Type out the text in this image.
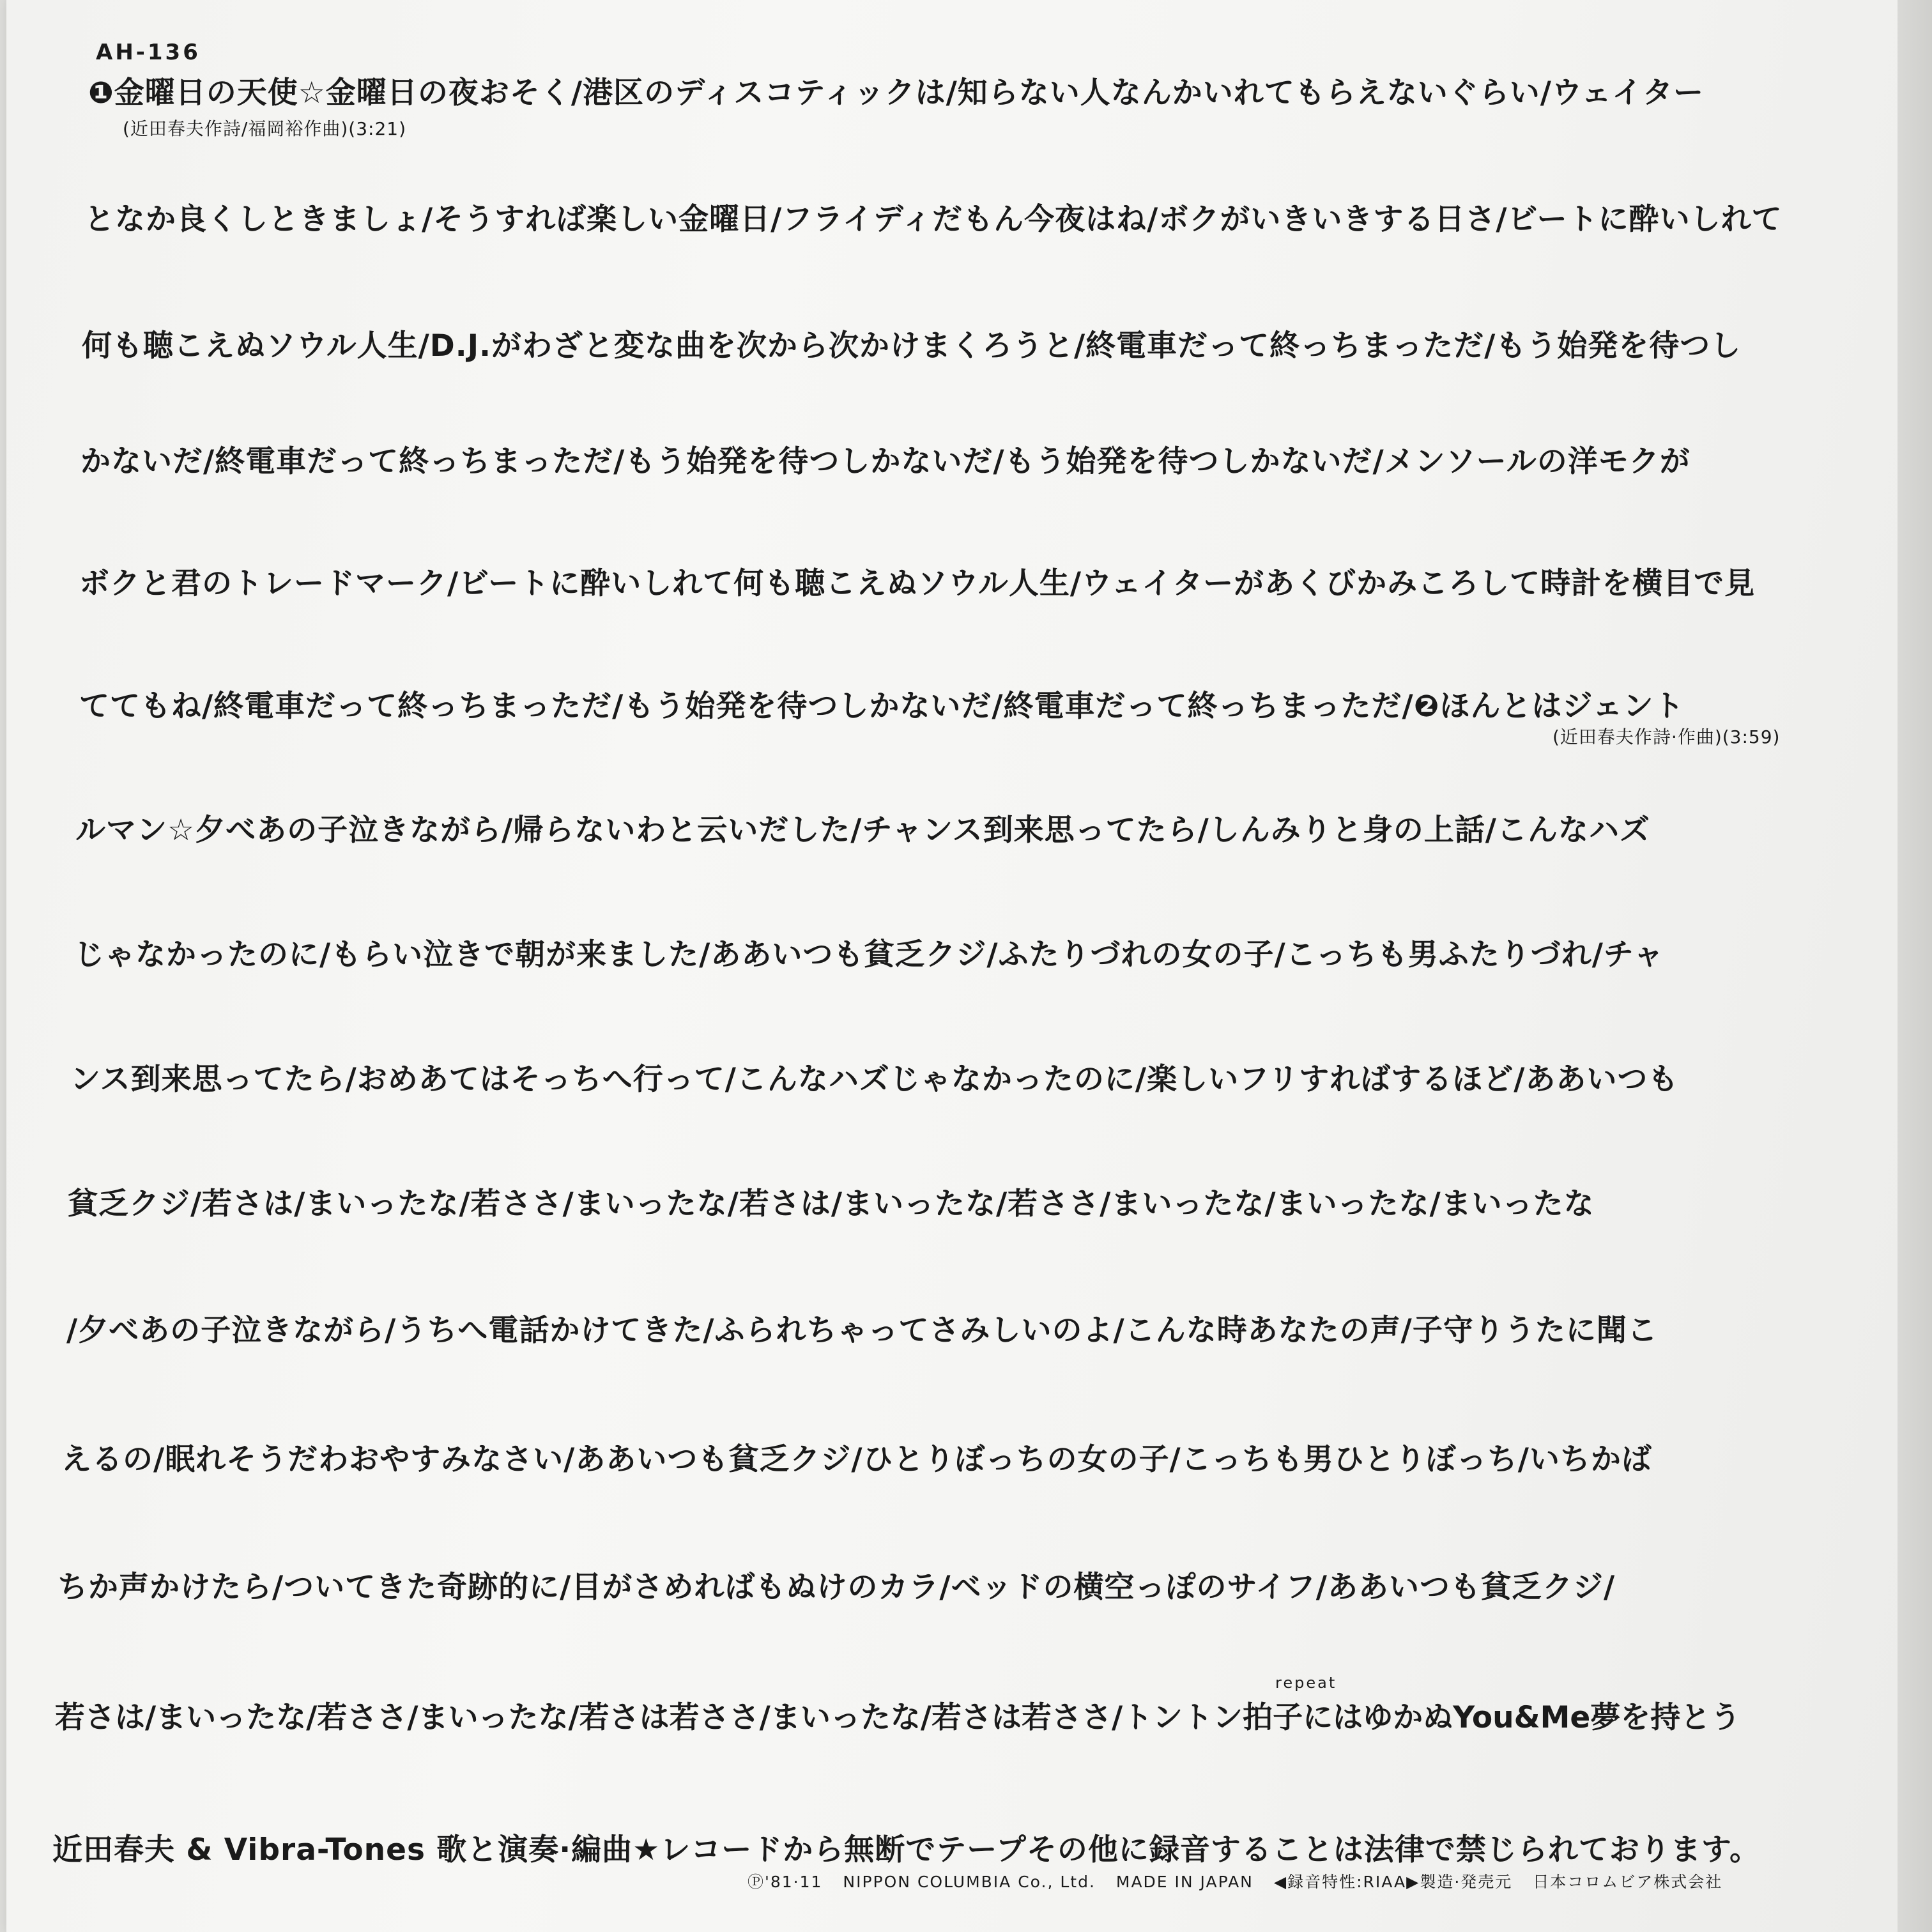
AH-136
❶金曜日の天使☆金曜日の夜おそく/港区のディスコティックは/知らない人なんかいれてもらえないぐらい/ウェイター
(近田春夫作詩/福岡裕作曲)(3:21)
となか良くしときましょ/そうすれば楽しい金曜日/フライディだもん今夜はね/ボクがいきいきする日さ/ビートに酔いしれて
何も聴こえぬソウル人生/D.J.がわざと変な曲を次から次かけまくろうと/終電車だって終っちまっただ/もう始発を待つし
かないだ/終電車だって終っちまっただ/もう始発を待つしかないだ/もう始発を待つしかないだ/メンソールの洋モクが
ボクと君のトレードマーク/ビートに酔いしれて何も聴こえぬソウル人生/ウェイターがあくびかみころして時計を横目で見
ててもね/終電車だって終っちまっただ/もう始発を待つしかないだ/終電車だって終っちまっただ/❷ほんとはジェント
(近田春夫作詩·作曲)(3:59)
ルマン☆夕べあの子泣きながら/帰らないわと云いだした/チャンス到来思ってたら/しんみりと身の上話/こんなハズ
じゃなかったのに/もらい泣きで朝が来ました/ああいつも貧乏クジ/ふたりづれの女の子/こっちも男ふたりづれ/チャ
ンス到来思ってたら/おめあてはそっちへ行って/こんなハズじゃなかったのに/楽しいフリすればするほど/ああいつも
貧乏クジ/若さは/まいったな/若ささ/まいったな/若さは/まいったな/若ささ/まいったな/まいったな/まいったな
/夕べあの子泣きながら/うちへ電話かけてきた/ふられちゃってさみしいのよ/こんな時あなたの声/子守りうたに聞こ
えるの/眠れそうだわおやすみなさい/ああいつも貧乏クジ/ひとりぼっちの女の子/こっちも男ひとりぼっち/いちかば
ちか声かけたら/ついてきた奇跡的に/目がさめればもぬけのカラ/ベッドの横空っぽのサイフ/ああいつも貧乏クジ/
repeat
若さは/まいったな/若ささ/まいったな/若さは若ささ/まいったな/若さは若ささ/トントン拍子にはゆかぬYou&Me夢を持とう
近田春夫 & Vibra-Tones 歌と演奏·編曲★レコードから無断でテープその他に録音することは法律で禁じられております。
Ⓟ'81·11 NIPPON COLUMBIA Co., Ltd. MADE IN JAPAN ◀録音特性:RIAA▶製造·発売元 日本コロムビア株式会社
